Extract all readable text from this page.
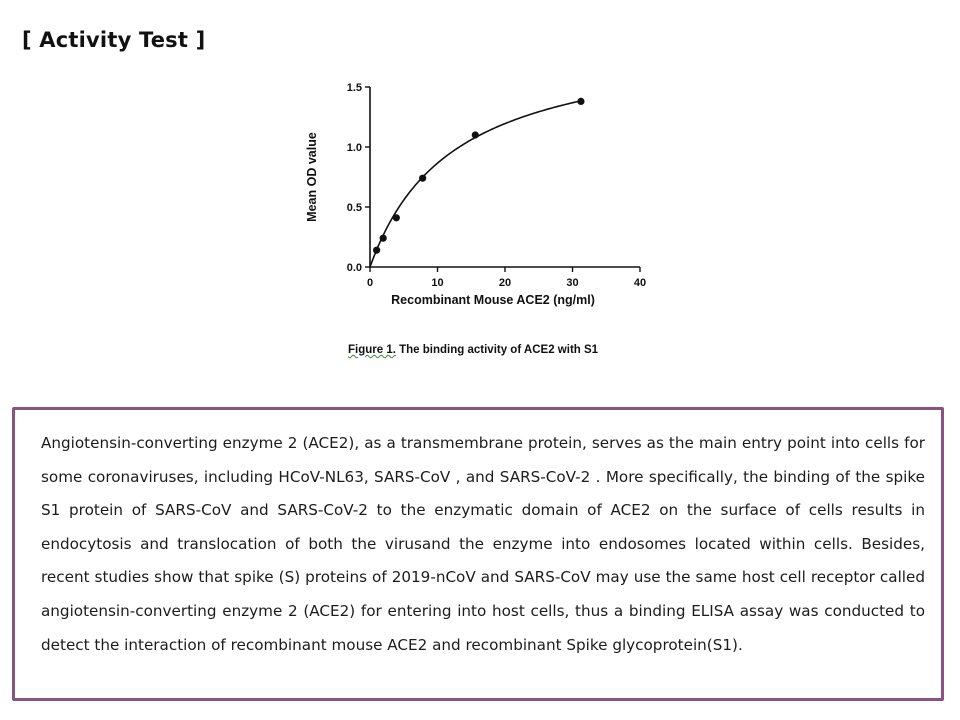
[ Activity Test ]
0	10	20	30	40
0.0
0.5
1.0
1.5
Recombinant Mouse ACE2 (ng/ml)
Mean OD value
Figure 1. The binding activity of ACE2 with S1

Angiotensin-converting enzyme 2 (ACE2), as a transmembrane protein, serves as the main entry point into cells for some coronaviruses, including HCoV-NL63, SARS-CoV , and SARS-CoV-2 . More specifically, the binding of the spike S1 protein of SARS-CoV and SARS-CoV-2 to the enzymatic domain of ACE2 on the surface of cells results in endocytosis and translocation of both the virusand the enzyme into endosomes located within cells. Besides, recent studies show that spike (S) proteins of 2019-nCoV and SARS-CoV may use the same host cell receptor called angiotensin-converting enzyme 2 (ACE2) for entering into host cells, thus a binding ELISA assay was conducted to detect the interaction of recombinant mouse ACE2 and recombinant Spike glycoprotein(S1).
